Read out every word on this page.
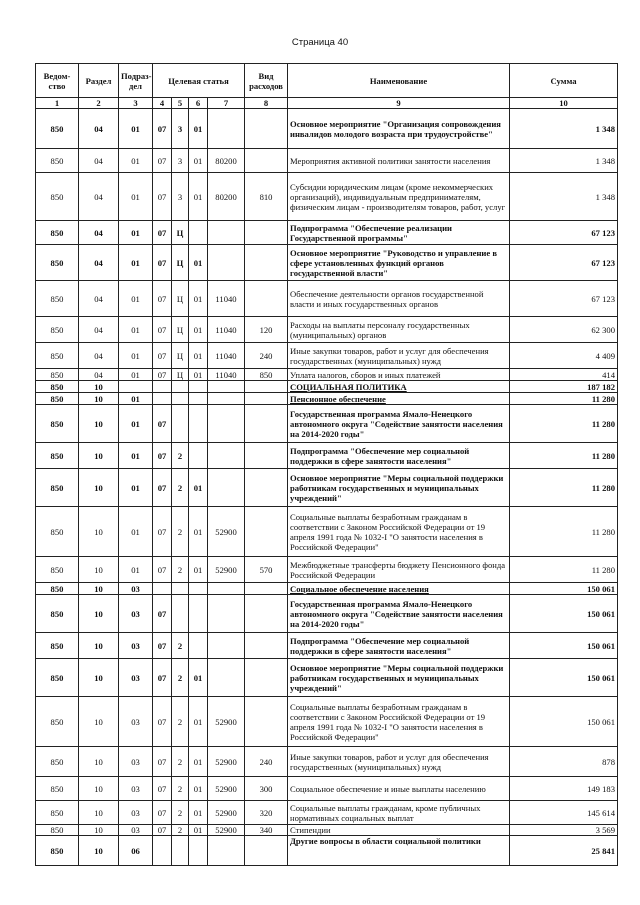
Страница 40
Ведом-ство	Раздел	Подраз-дел	Целевая статья				Вид расходов	Наименование	Сумма

1	2	3	4	5	6	7	8	9	10
850	04	01	07	3	01			Основное мероприятие "Организация сопровождения инвалидов молодого возраста при трудоустройстве"	1 348
850	04	01	07	3	01	80200		Мероприятия активной политики занятости населения	1 348
850	04	01	07	3	01	80200	810	Субсидии юридическим лицам (кроме некоммерческих организаций), индивидуальным предпринимателям, физическим лицам - производителям товаров, работ, услуг	1 348
850	04	01	07	Ц				Подпрограмма "Обеспечение реализации Государственной программы"	67 123
850	04	01	07	Ц	01			Основное мероприятие "Руководство и управление в сфере установленных функций органов государственной власти"	67 123
850	04	01	07	Ц	01	11040		Обеспечение деятельности органов государственной власти и иных государственных органов	67 123
850	04	01	07	Ц	01	11040	120	Расходы на выплаты персоналу государственных (муниципальных) органов	62 300
850	04	01	07	Ц	01	11040	240	Иные закупки товаров, работ и услуг для обеспечения государственных (муниципальных) нужд	4 409
850	04	01	07	Ц	01	11040	850	Уплата налогов, сборов и иных платежей	414
850	10							СОЦИАЛЬНАЯ ПОЛИТИКА	187 182
850	10	01						Пенсионное обеспечение	11 280
850	10	01	07					Государственная программа Ямало-Ненецкого автономного округа "Содействие занятости населения на 2014-2020 годы"	11 280
850	10	01	07	2				Подпрограмма "Обеспечение мер социальной поддержки в сфере занятости населения"	11 280
850	10	01	07	2	01			Основное мероприятие "Меры социальной поддержки работникам государственных и муниципальных учреждений"	11 280
850	10	01	07	2	01	52900		Социальные выплаты безработным гражданам в соответствии с Законом Российской Федерации от 19 апреля 1991 года № 1032-I "О занятости населения в Российской Федерации"	11 280
850	10	01	07	2	01	52900	570	Межбюджетные трансферты бюджету Пенсионного фонда Российской Федерации	11 280
850	10	03						Социальное обеспечение населения	150 061
850	10	03	07					Государственная программа Ямало-Ненецкого автономного округа "Содействие занятости населения на 2014-2020 годы"	150 061
850	10	03	07	2				Подпрограмма "Обеспечение мер социальной поддержки в сфере занятости населения"	150 061
850	10	03	07	2	01			Основное мероприятие "Меры социальной поддержки работникам государственных и муниципальных учреждений"	150 061
850	10	03	07	2	01	52900		Социальные выплаты безработным гражданам в соответствии с Законом Российской Федерации от 19 апреля 1991 года № 1032-I "О занятости населения в Российской Федерации"	150 061
850	10	03	07	2	01	52900	240	Иные закупки товаров, работ и услуг для обеспечения государственных (муниципальных) нужд	878
850	10	03	07	2	01	52900	300	Социальное обеспечение и иные выплаты населению	149 183
850	10	03	07	2	01	52900	320	Социальные выплаты гражданам, кроме публичных нормативных социальных выплат	145 614
850	10	03	07	2	01	52900	340	Стипендии	3 569
850	10	06						Другие вопросы в области социальной политики	25 841
